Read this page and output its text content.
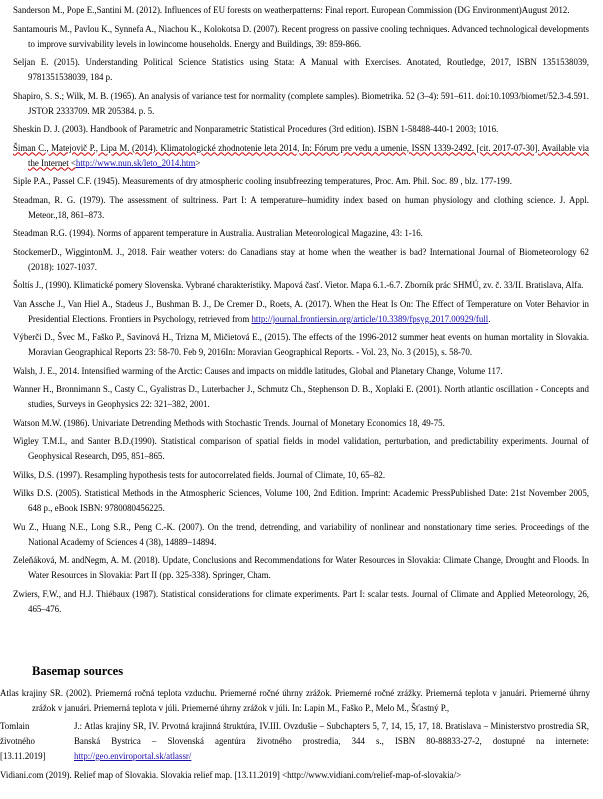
Sanderson M., Pope E.,Santini M. (2012). Influences of EU forests on weatherpatterns: Final report. European Commission (DG Environment)August 2012.
Santamouris M., Pavlou K., Synnefa A., Niachou K., Kolokotsa D. (2007). Recent progress on passive cooling techniques. Advanced technological developments to improve survivability levels in lowincome households. Energy and Buildings, 39: 859-866.
Seljan E. (2015). Understanding Political Science Statistics using Stata: A Manual with Exercises. Anotated, Routledge, 2017, ISBN 1351538039, 9781351538039, 184 p.
Shapiro, S. S.; Wilk, M. B. (1965). An analysis of variance test for normality (complete samples). Biometrika. 52 (3–4): 591–611. doi:10.1093/biomet/52.3-4.591. JSTOR 2333709. MR 205384. p. 5.
Sheskin D. J. (2003). Handbook of Parametric and Nonparametric Statistical Procedures (3rd edition). ISBN 1-58488-440-1 2003; 1016.
Šiman C., Matejovič P., Lipa M. (2014). Klimatologické zhodnotenie leta 2014, In: Fórum pre vedu a umenie, ISSN 1339-2492. [cit. 2017-07-30]. Available via the Internet <http://www.nun.sk/leto_2014.htm>
Siple P.A., Passel C.F. (1945). Measurements of dry atmospheric cooling insubfreezing temperatures, Proc. Am. Phil. Soc. 89 , blz. 177-199.
Steadman, R. G. (1979). The assessment of sultriness. Part I: A temperature–humidity index based on human physiology and clothing science. J. Appl. Meteor.,18, 861–873.
Steadman R.G. (1994). Norms of apparent temperature in Australia. Australian Meteorological Magazine, 43: 1-16.
StockemerD., WiggintonM. J., 2018. Fair weather voters: do Canadians stay at home when the weather is bad? International Journal of Biometeorology 62 (2018): 1027-1037.
Šoltís J., (1990). Klimatické pomery Slovenska. Vybrané charakteristiky. Mapová časť. Vietor. Mapa 6.1.-6.7. Zborník prác SHMÚ, zv. č. 33/II. Bratislava, Alfa.
Van Assche J., Van Hiel A., Stadeus J., Bushman B. J., De Cremer D., Roets, A. (2017). When the Heat Is On: The Effect of Temperature on Voter Behavior in Presidential Elections. Frontiers in Psychology, retrieved from http://journal.frontiersin.org/article/10.3389/fpsyg.2017.00929/full.
Výberči D., Švec M., Faško P., Savinová H., Trizna M, Mičietová E., (2015). The effects of the 1996-2012 summer heat events on human mortality in Slovakia. Moravian Geographical Reports 23: 58-70. Feb 9, 2016In: Moravian Geographical Reports. - Vol. 23, No. 3 (2015), s. 58-70.
Walsh, J. E., 2014. Intensified warming of the Arctic: Causes and impacts on middle latitudes, Global and Planetary Change, Volume 117.
Wanner H., Bronnimann S., Casty C., Gyalistras D., Luterbacher J., Schmutz Ch., Stephenson D. B., Xoplaki E. (2001). North atlantic oscillation - Concepts and studies, Surveys in Geophysics 22: 321–382, 2001.
Watson M.W. (1986). Univariate Detrending Methods with Stochastic Trends. Journal of Monetary Economics 18, 49-75.
Wigley T.M.L, and Santer B.D.(1990). Statistical comparison of spatial fields in model validation, perturbation, and predictability experiments. Journal of Geophysical Research, D95, 851–865.
Wilks, D.S. (1997). Resampling hypothesis tests for autocorrelated fields. Journal of Climate, 10, 65–82.
Wilks D.S. (2005). Statistical Methods in the Atmospheric Sciences, Volume 100, 2nd Edition. Imprint: Academic PressPublished Date: 21st November 2005, 648 p., eBook ISBN: 9780080456225.
Wu Z., Huang N.E., Long S.R., Peng C.-K. (2007). On the trend, detrending, and variability of nonlinear and nonstationary time series. Proceedings of the National Academy of Sciences 4 (38), 14889–14894.
Zeleňáková, M. andNegm, A. M. (2018). Update, Conclusions and Recommendations for Water Resources in Slovakia: Climate Change, Drought and Floods. In Water Resources in Slovakia: Part II (pp. 325-338). Springer, Cham.
Zwiers, F.W., and H.J. Thiébaux (1987). Statistical considerations for climate experiments. Part I: scalar tests. Journal of Climate and Applied Meteorology, 26, 465–476.
Basemap sources
Atlas krajiny SR. (2002). Priemerná ročná teplota vzduchu. Priemerné ročné úhrny zrážok. Priemerné ročné zrážky. Priemerná teplota v januári. Priemerné úhrny zrážok v januári. Priemerná teplota v júli. Priemerné úhrny zrážok v júli. In: Lapin M., Faško P., Melo M., Šťastný P.,
Tomlain životného [13.11.2019]
J.: Atlas krajiny SR, IV. Prvotná krajinná štruktúra, IV.III. Ovzdušie – Subchapters 5, 7, 14, 15, 17, 18. Bratislava – Ministerstvo prostredia SR, Banská Bystrica – Slovenská agentúra životného prostredia, 344 s., ISBN 80-88833-27-2, dostupné na internete: http://geo.enviroportal.sk/atlassr/
Vidiani.com (2019). Relief map of Slovakia. Slovakia relief map. [13.11.2019] <http://www.vidiani.com/relief-map-of-slovakia/>
